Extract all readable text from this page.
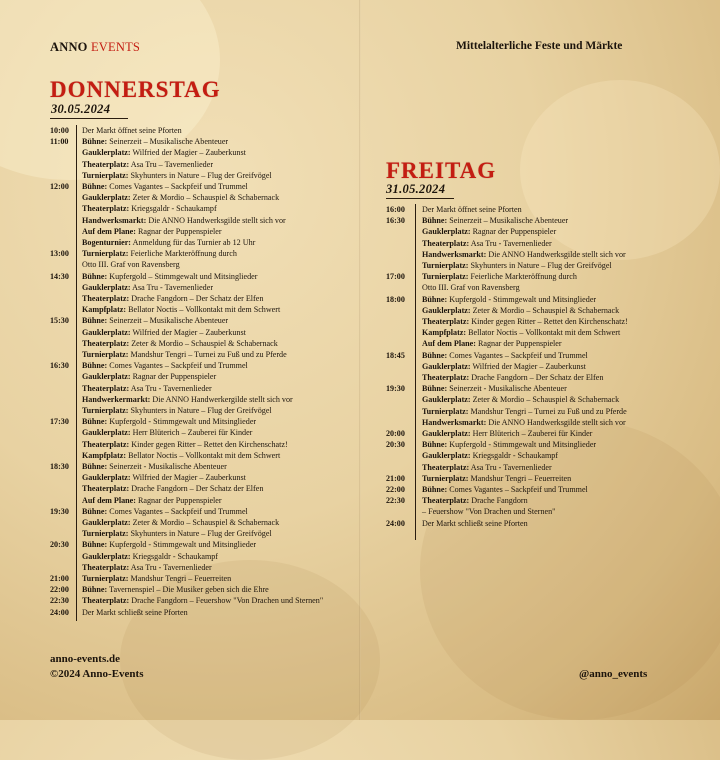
ANNO EVENTS	Mittelalterliche Feste und Märkte
DONNERSTAG
30.05.2024
10:00	Der Markt öffnet seine Pforten
11:00	Bühne: Seinerzeit – Musikalische Abenteuer
Gauklerplatz: Wilfried der Magier – Zauberkunst
Theaterplatz: Asa Tru – Tavernenlieder
Turnierplatz: Skyhunters in Nature – Flug der Greifvögel
12:00	Bühne: Comes Vagantes – Sackpfeif und Trummel
Gauklerplatz: Zeter & Mordio – Schauspiel & Schabernack
Theaterplatz: Kriegsgaldr - Schaukampf
Handwerksmarkt: Die ANNO Handwerksgilde stellt sich vor
Auf dem Plane: Ragnar der Puppenspieler
Bogenturnier: Anmeldung für das Turnier ab 12 Uhr
13:00	Turnierplatz: Feierliche Markteröffnung durch
Otto III. Graf von Ravensberg
14:30	Bühne: Kupfergold – Stimmgewalt und Mitsinglieder
Gauklerplatz: Asa Tru - Tavernenlieder
Theaterplatz: Drache Fangdorn – Der Schatz der Elfen
Kampfplatz: Bellator Noctis – Vollkontakt mit dem Schwert
15:30	Bühne: Seinerzeit – Musikalische Abenteuer
Gauklerplatz: Wilfried der Magier – Zauberkunst
Theaterplatz: Zeter & Mordio – Schauspiel & Schabernack
Turnierplatz: Mandshur Tengri – Turnei zu Fuß und zu Pferde
16:30	Bühne: Comes Vagantes – Sackpfeif und Trummel
Gauklerplatz: Ragnar der Puppenspieler
Theaterplatz: Asa Tru - Tavernenlieder
Handwerkermarkt: Die ANNO Handwerkergilde stellt sich vor
Turnierplatz: Skyhunters in Nature – Flug der Greifvögel
17:30	Bühne: Kupfergold - Stimmgewalt und Mitsinglieder
Gauklerplatz: Herr Blüterich – Zauberei für Kinder
Theaterplatz: Kinder gegen Ritter – Rettet den Kirchenschatz!
Kampfplatz: Bellator Noctis – Vollkontakt mit dem Schwert
18:30	Bühne: Seinerzeit - Musikalische Abenteuer
Gauklerplatz: Wilfried der Magier – Zauberkunst
Theaterplatz: Drache Fangdorn – Der Schatz der Elfen
Auf dem Plane: Ragnar der Puppenspieler
19:30	Bühne: Comes Vagantes – Sackpfeif und Trummel
Gauklerplatz: Zeter & Mordio – Schauspiel & Schabernack
Turnierplatz: Skyhunters in Nature – Flug der Greifvögel
20:30	Bühne: Kupfergold - Stimmgewalt und Mitsinglieder
Gauklerplatz: Kriegsgaldr - Schaukampf
Theaterplatz: Asa Tru - Tavernenlieder
21:00	Turnierplatz: Mandshur Tengri – Feuerreiten
22:00	Bühne: Tavernenspiel – Die Musiker geben sich die Ehre
22:30	Theaterplatz: Drache Fangdorn – Feuershow "Von Drachen und Sternen"
24:00	Der Markt schließt seine Pforten
FREITAG
31.05.2024
16:00	Der Markt öffnet seine Pforten
16:30	Bühne: Seinerzeit – Musikalische Abenteuer
Gauklerplatz: Ragnar der Puppenspieler
Theaterplatz: Asa Tru - Tavernenlieder
Handwerksmarkt: Die ANNO Handwerksgilde stellt sich vor
Turnierplatz: Skyhunters in Nature – Flug der Greifvögel
17:00	Turnierplatz: Feierliche Markteröffnung durch
Otto III. Graf von Ravensberg
18:00	Bühne: Kupfergold - Stimmgewalt und Mitsinglieder
Gauklerplatz: Zeter & Mordio – Schauspiel & Schabernack
Theaterplatz: Kinder gegen Ritter – Rettet den Kirchenschatz!
Kampfplatz: Bellator Noctis – Vollkontakt mit dem Schwert
Auf dem Plane: Ragnar der Puppenspieler
18:45	Bühne: Comes Vagantes – Sackpfeif und Trummel
Gauklerplatz: Wilfried der Magier – Zauberkunst
Theaterplatz: Drache Fangdorn – Der Schatz der Elfen
19:30	Bühne: Seinerzeit - Musikalische Abenteuer
Gauklerplatz: Zeter & Mordio – Schauspiel & Schabernack
Turnierplatz: Mandshur Tengri – Turnei zu Fuß und zu Pferde
Handwerksmarkt: Die ANNO Handwerksgilde stellt sich vor
20:00	Gauklerplatz: Herr Blüterich – Zauberei für Kinder
20:30	Bühne: Kupfergold - Stimmgewalt und Mitsinglieder
Gauklerplatz: Kriegsgaldr - Schaukampf
Theaterplatz: Asa Tru - Tavernenlieder
21:00	Turnierplatz: Mandshur Tengri – Feuerreiten
22:00	Bühne: Comes Vagantes – Sackpfeif und Trummel
22:30	Theaterplatz: Drache Fangdorn
– Feuershow "Von Drachen und Sternen"
24:00	Der Markt schließt seine Pforten
anno-events.de
©2024 Anno-Events	@anno_events
